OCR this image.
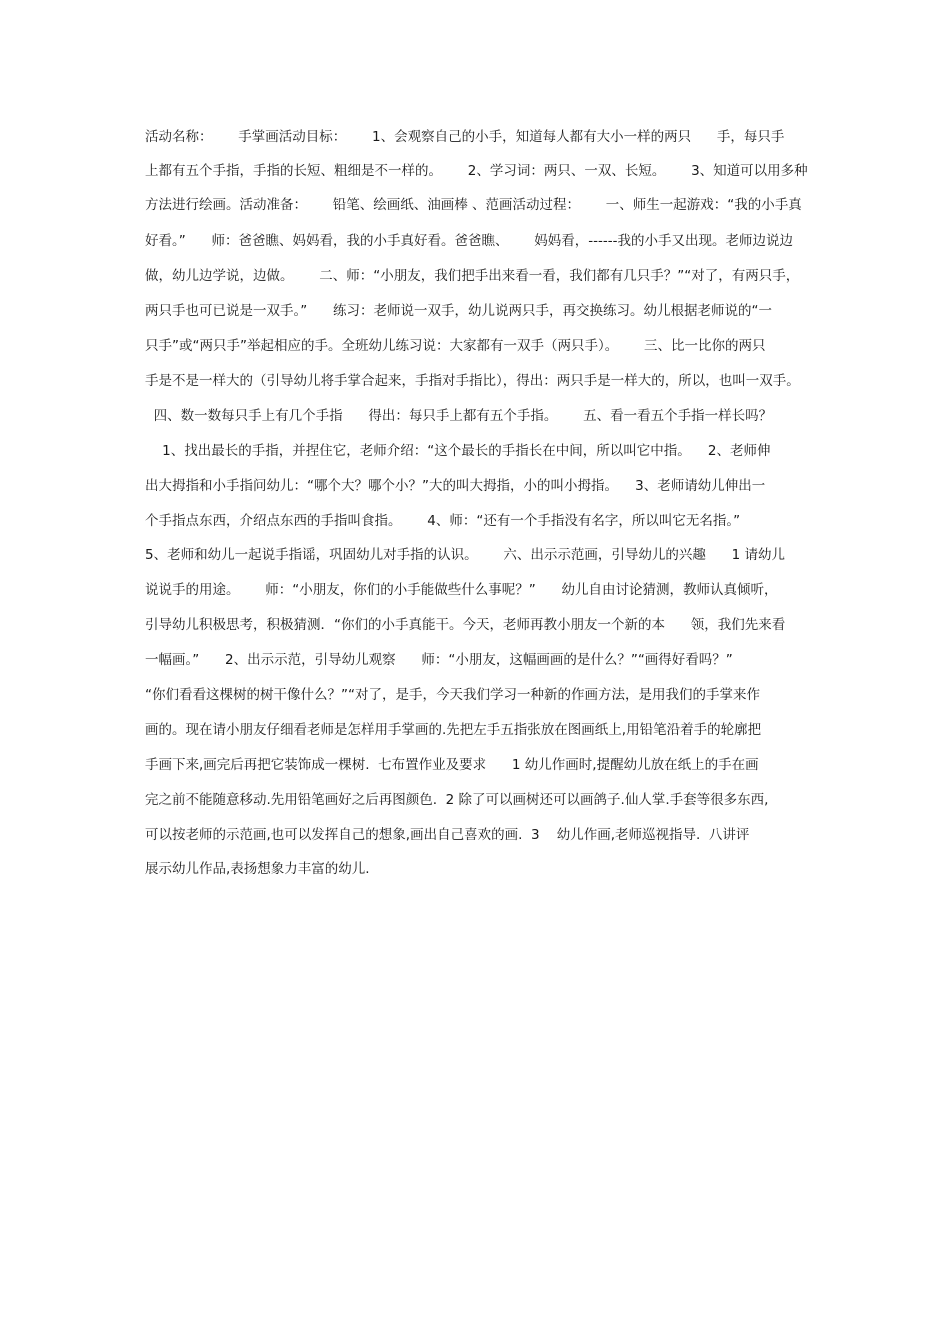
活动名称：      手掌画活动目标：      1、会观察自己的小手，知道每人都有大小一样的两只      手，每只手
上都有五个手指，手指的长短、粗细是不一样的。      2、学习词：两只、一双、长短。      3、知道可以用多种
方法进行绘画。活动准备：      铅笔、绘画纸、油画棒 、范画活动过程：      一、师生一起游戏：“我的小手真
好看。”      师：爸爸瞧、妈妈看，我的小手真好看。爸爸瞧、      妈妈看，------我的小手又出现。老师边说边
做，幼儿边学说，边做。      二、师：“小朋友，我们把手出来看一看，我们都有几只手？”“对了，有两只手，
两只手也可已说是一双手。”      练习：老师说一双手，幼儿说两只手，再交换练习。幼儿根据老师说的“一
只手”或“两只手”举起相应的手。全班幼儿练习说：大家都有一双手（两只手）。      三、比一比你的两只
手是不是一样大的（引导幼儿将手掌合起来，手指对手指比），得出：两只手是一样大的，所以，也叫一双手。
四、数一数每只手上有几个手指      得出：每只手上都有五个手指。      五、看一看五个手指一样长吗？
1、找出最长的手指，并捏住它，老师介绍：“这个最长的手指长在中间，所以叫它中指。    2、老师伸
出大拇指和小手指问幼儿：“哪个大？哪个小？”大的叫大拇指，小的叫小拇指。    3、老师请幼儿伸出一
个手指点东西，介绍点东西的手指叫食指。      4、师：“还有一个手指没有名字，所以叫它无名指。”
5、老师和幼儿一起说手指谣，巩固幼儿对手指的认识。      六、出示示范画，引导幼儿的兴趣      1 请幼儿
说说手的用途。      师：“小朋友，你们的小手能做些什么事呢？”      幼儿自由讨论猜测，教师认真倾听，
引导幼儿积极思考，积极猜测．“你们的小手真能干。今天，老师再教小朋友一个新的本      领，我们先来看
一幅画。”      2、出示示范，引导幼儿观察      师：“小朋友，这幅画画的是什么？”“画得好看吗？”
“你们看看这棵树的树干像什么？”“对了，是手，今天我们学习一种新的作画方法，是用我们的手掌来作
画的。现在请小朋友仔细看老师是怎样用手掌画的.先把左手五指张放在图画纸上,用铅笔沿着手的轮廓把
手画下来,画完后再把它装饰成一棵树.  七布置作业及要求      1 幼儿作画时,提醒幼儿放在纸上的手在画
完之前不能随意移动.先用铅笔画好之后再图颜色.  2 除了可以画树还可以画鸽子.仙人掌.手套等很多东西,
可以按老师的示范画,也可以发挥自己的想象,画出自己喜欢的画.  3    幼儿作画,老师巡视指导.  八讲评
展示幼儿作品,表扬想象力丰富的幼儿.
